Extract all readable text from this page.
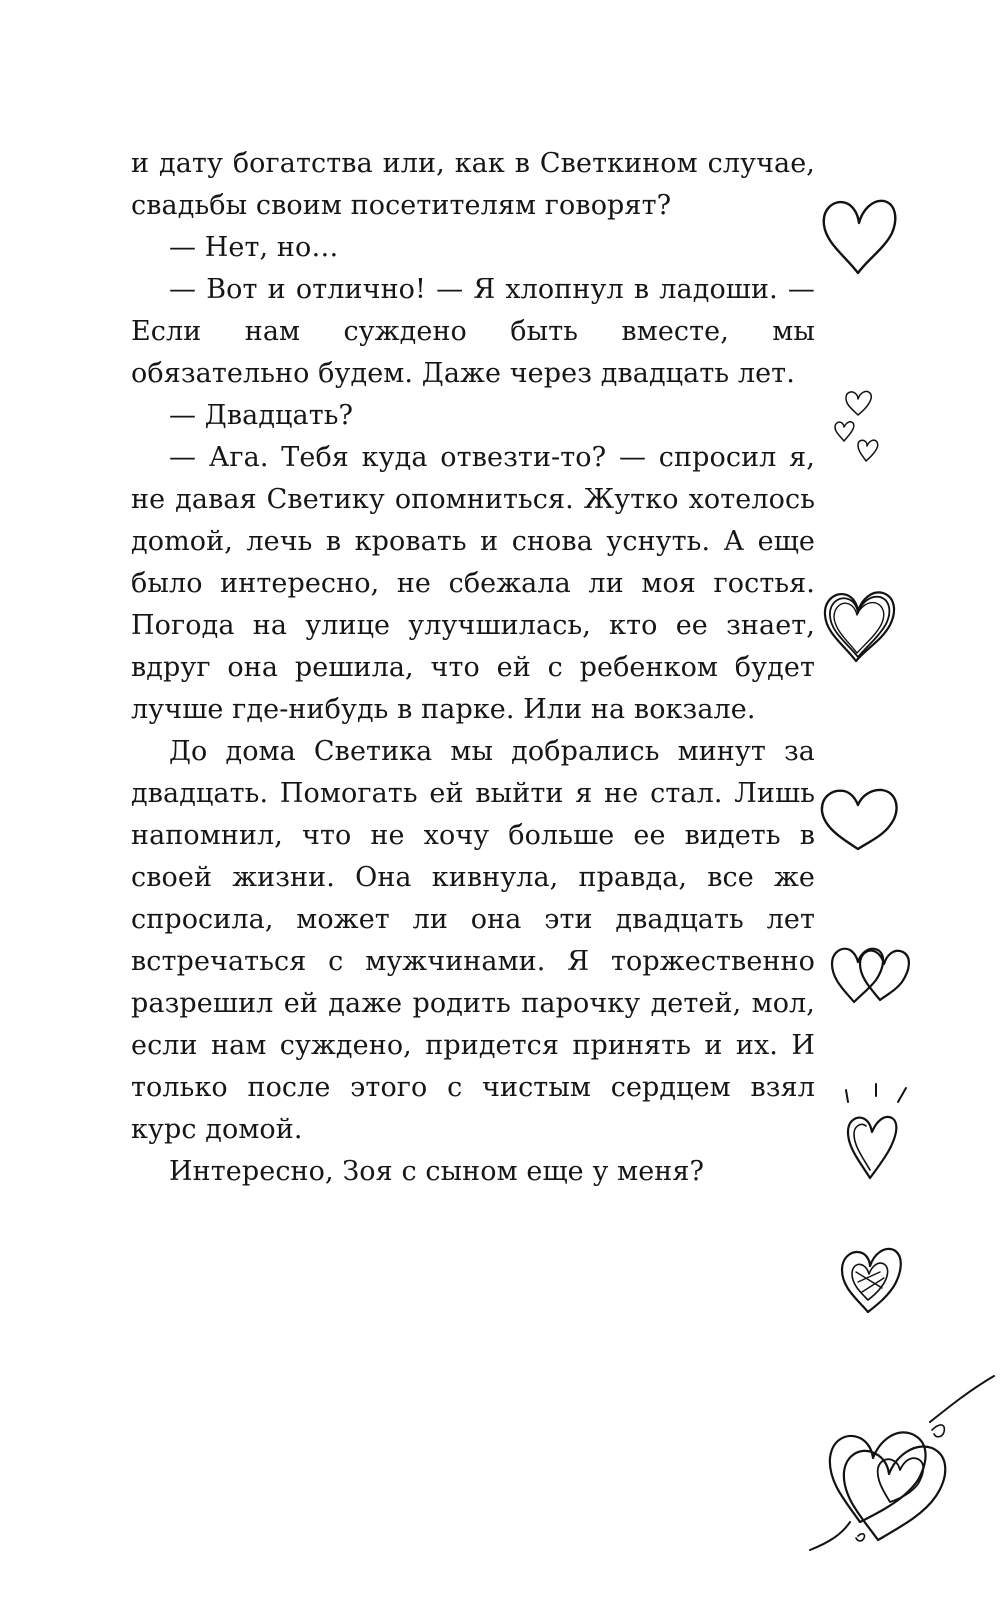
и дату богатства или, как в Светкином случае, свадьбы своим посетителям говорят?

— Нет, но…

— Вот и отлично! — Я хлопнул в ладоши. — Если нам суждено быть вместе, мы обязательно будем. Даже через двадцать лет.

— Двадцать?

— Ага. Тебя куда отвезти-то? — спросил я, не давая Светику опомниться. Жутко хотелось доmой, лечь в кровать и снова уснуть. А еще было интересно, не сбежала ли моя гостья. Погода на улице улучшилась, кто ее знает, вдруг она решила, что ей с ребенком будет лучше где-нибудь в парке. Или на вокзале.

До дома Светика мы добрались минут за двадцать. Помогать ей выйти я не стал. Лишь напомнил, что не хочу больше ее видеть в своей жизни. Она кивнула, правда, все же спросила, может ли она эти двадцать лет встречаться с мужчинами. Я торжественно разрешил ей даже родить парочку детей, мол, если нам суждено, придется принять и их. И только после этого с чистым сердцем взял курс домой.

Интересно, Зоя с сыном еще у меня?
